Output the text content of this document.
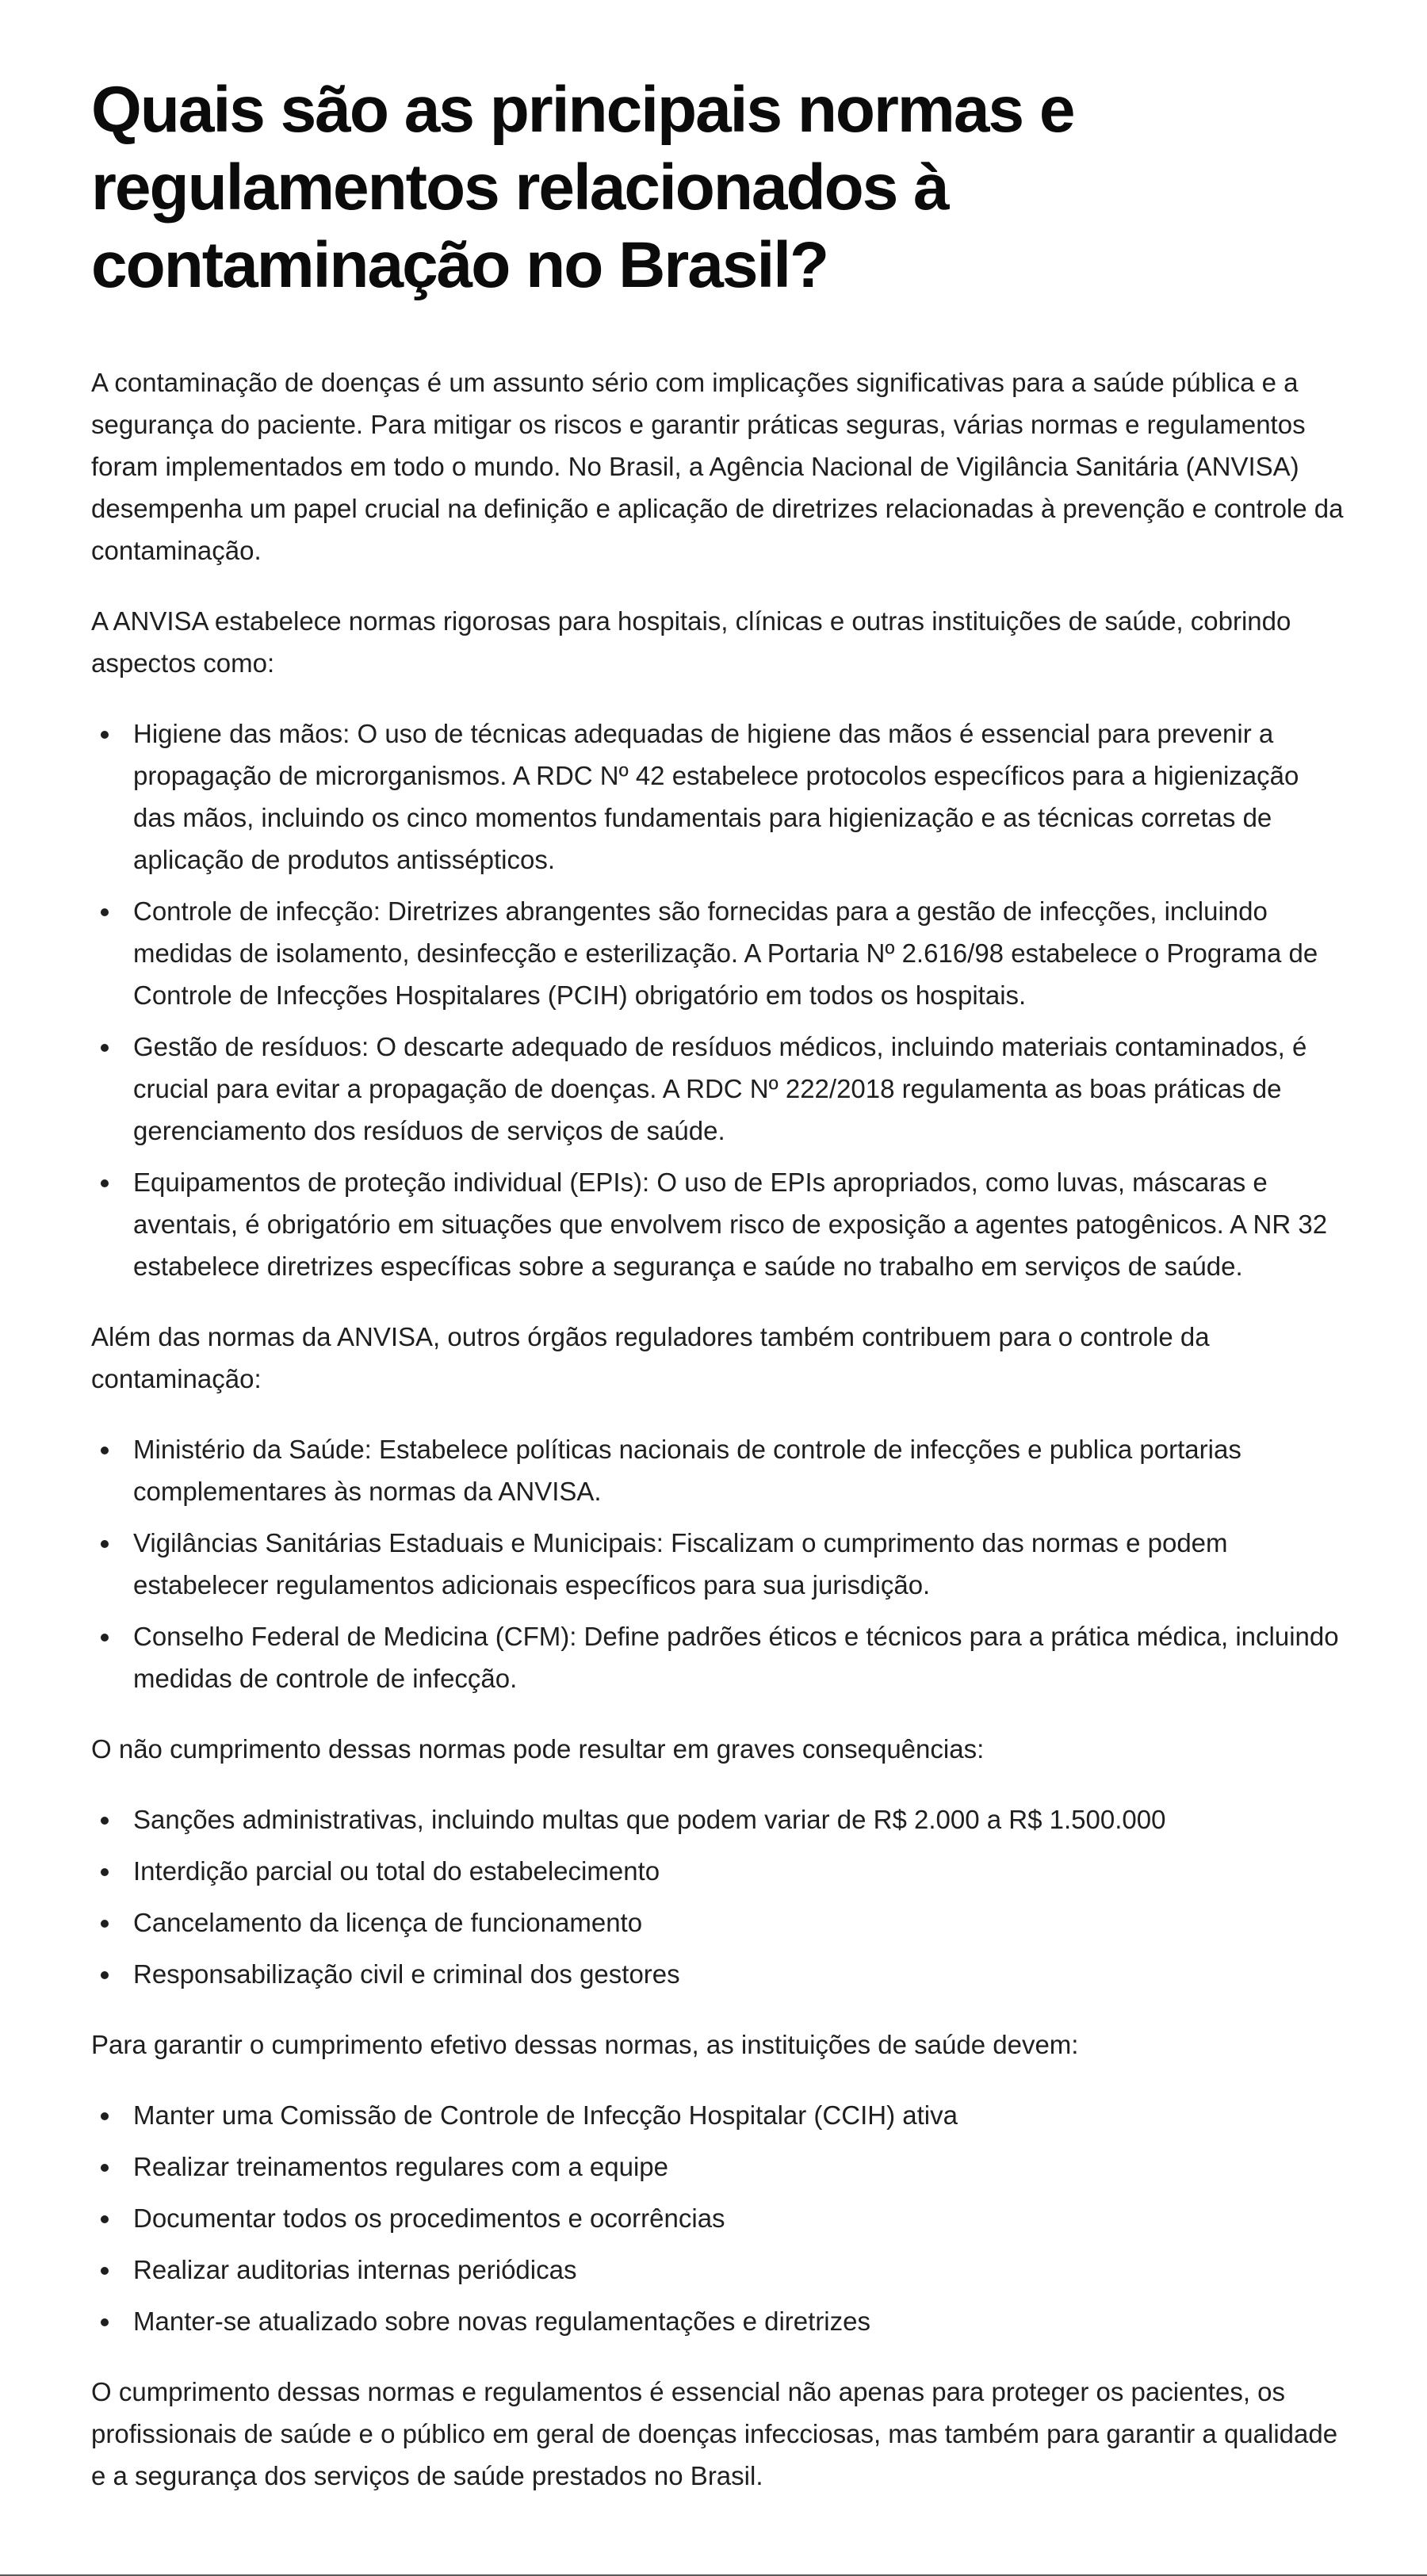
Quais são as principais normas e regulamentos relacionados à contaminação no Brasil?

A contaminação de doenças é um assunto sério com implicações significativas para a saúde pública e a segurança do paciente. Para mitigar os riscos e garantir práticas seguras, várias normas e regulamentos foram implementados em todo o mundo. No Brasil, a Agência Nacional de Vigilância Sanitária (ANVISA) desempenha um papel crucial na definição e aplicação de diretrizes relacionadas à prevenção e controle da contaminação.

A ANVISA estabelece normas rigorosas para hospitais, clínicas e outras instituições de saúde, cobrindo aspectos como:

Higiene das mãos: O uso de técnicas adequadas de higiene das mãos é essencial para prevenir a propagação de microrganismos. A RDC Nº 42 estabelece protocolos específicos para a higienização das mãos, incluindo os cinco momentos fundamentais para higienização e as técnicas corretas de aplicação de produtos antissépticos.
Controle de infecção: Diretrizes abrangentes são fornecidas para a gestão de infecções, incluindo medidas de isolamento, desinfecção e esterilização. A Portaria Nº 2.616/98 estabelece o Programa de Controle de Infecções Hospitalares (PCIH) obrigatório em todos os hospitais.
Gestão de resíduos: O descarte adequado de resíduos médicos, incluindo materiais contaminados, é crucial para evitar a propagação de doenças. A RDC Nº 222/2018 regulamenta as boas práticas de gerenciamento dos resíduos de serviços de saúde.
Equipamentos de proteção individual (EPIs): O uso de EPIs apropriados, como luvas, máscaras e aventais, é obrigatório em situações que envolvem risco de exposição a agentes patogênicos. A NR 32 estabelece diretrizes específicas sobre a segurança e saúde no trabalho em serviços de saúde.

Além das normas da ANVISA, outros órgãos reguladores também contribuem para o controle da contaminação:

Ministério da Saúde: Estabelece políticas nacionais de controle de infecções e publica portarias complementares às normas da ANVISA.
Vigilâncias Sanitárias Estaduais e Municipais: Fiscalizam o cumprimento das normas e podem estabelecer regulamentos adicionais específicos para sua jurisdição.
Conselho Federal de Medicina (CFM): Define padrões éticos e técnicos para a prática médica, incluindo medidas de controle de infecção.

O não cumprimento dessas normas pode resultar em graves consequências:

Sanções administrativas, incluindo multas que podem variar de R$ 2.000 a R$ 1.500.000
Interdição parcial ou total do estabelecimento
Cancelamento da licença de funcionamento
Responsabilização civil e criminal dos gestores

Para garantir o cumprimento efetivo dessas normas, as instituições de saúde devem:

Manter uma Comissão de Controle de Infecção Hospitalar (CCIH) ativa
Realizar treinamentos regulares com a equipe
Documentar todos os procedimentos e ocorrências
Realizar auditorias internas periódicas
Manter-se atualizado sobre novas regulamentações e diretrizes

O cumprimento dessas normas e regulamentos é essencial não apenas para proteger os pacientes, os profissionais de saúde e o público em geral de doenças infecciosas, mas também para garantir a qualidade e a segurança dos serviços de saúde prestados no Brasil.
